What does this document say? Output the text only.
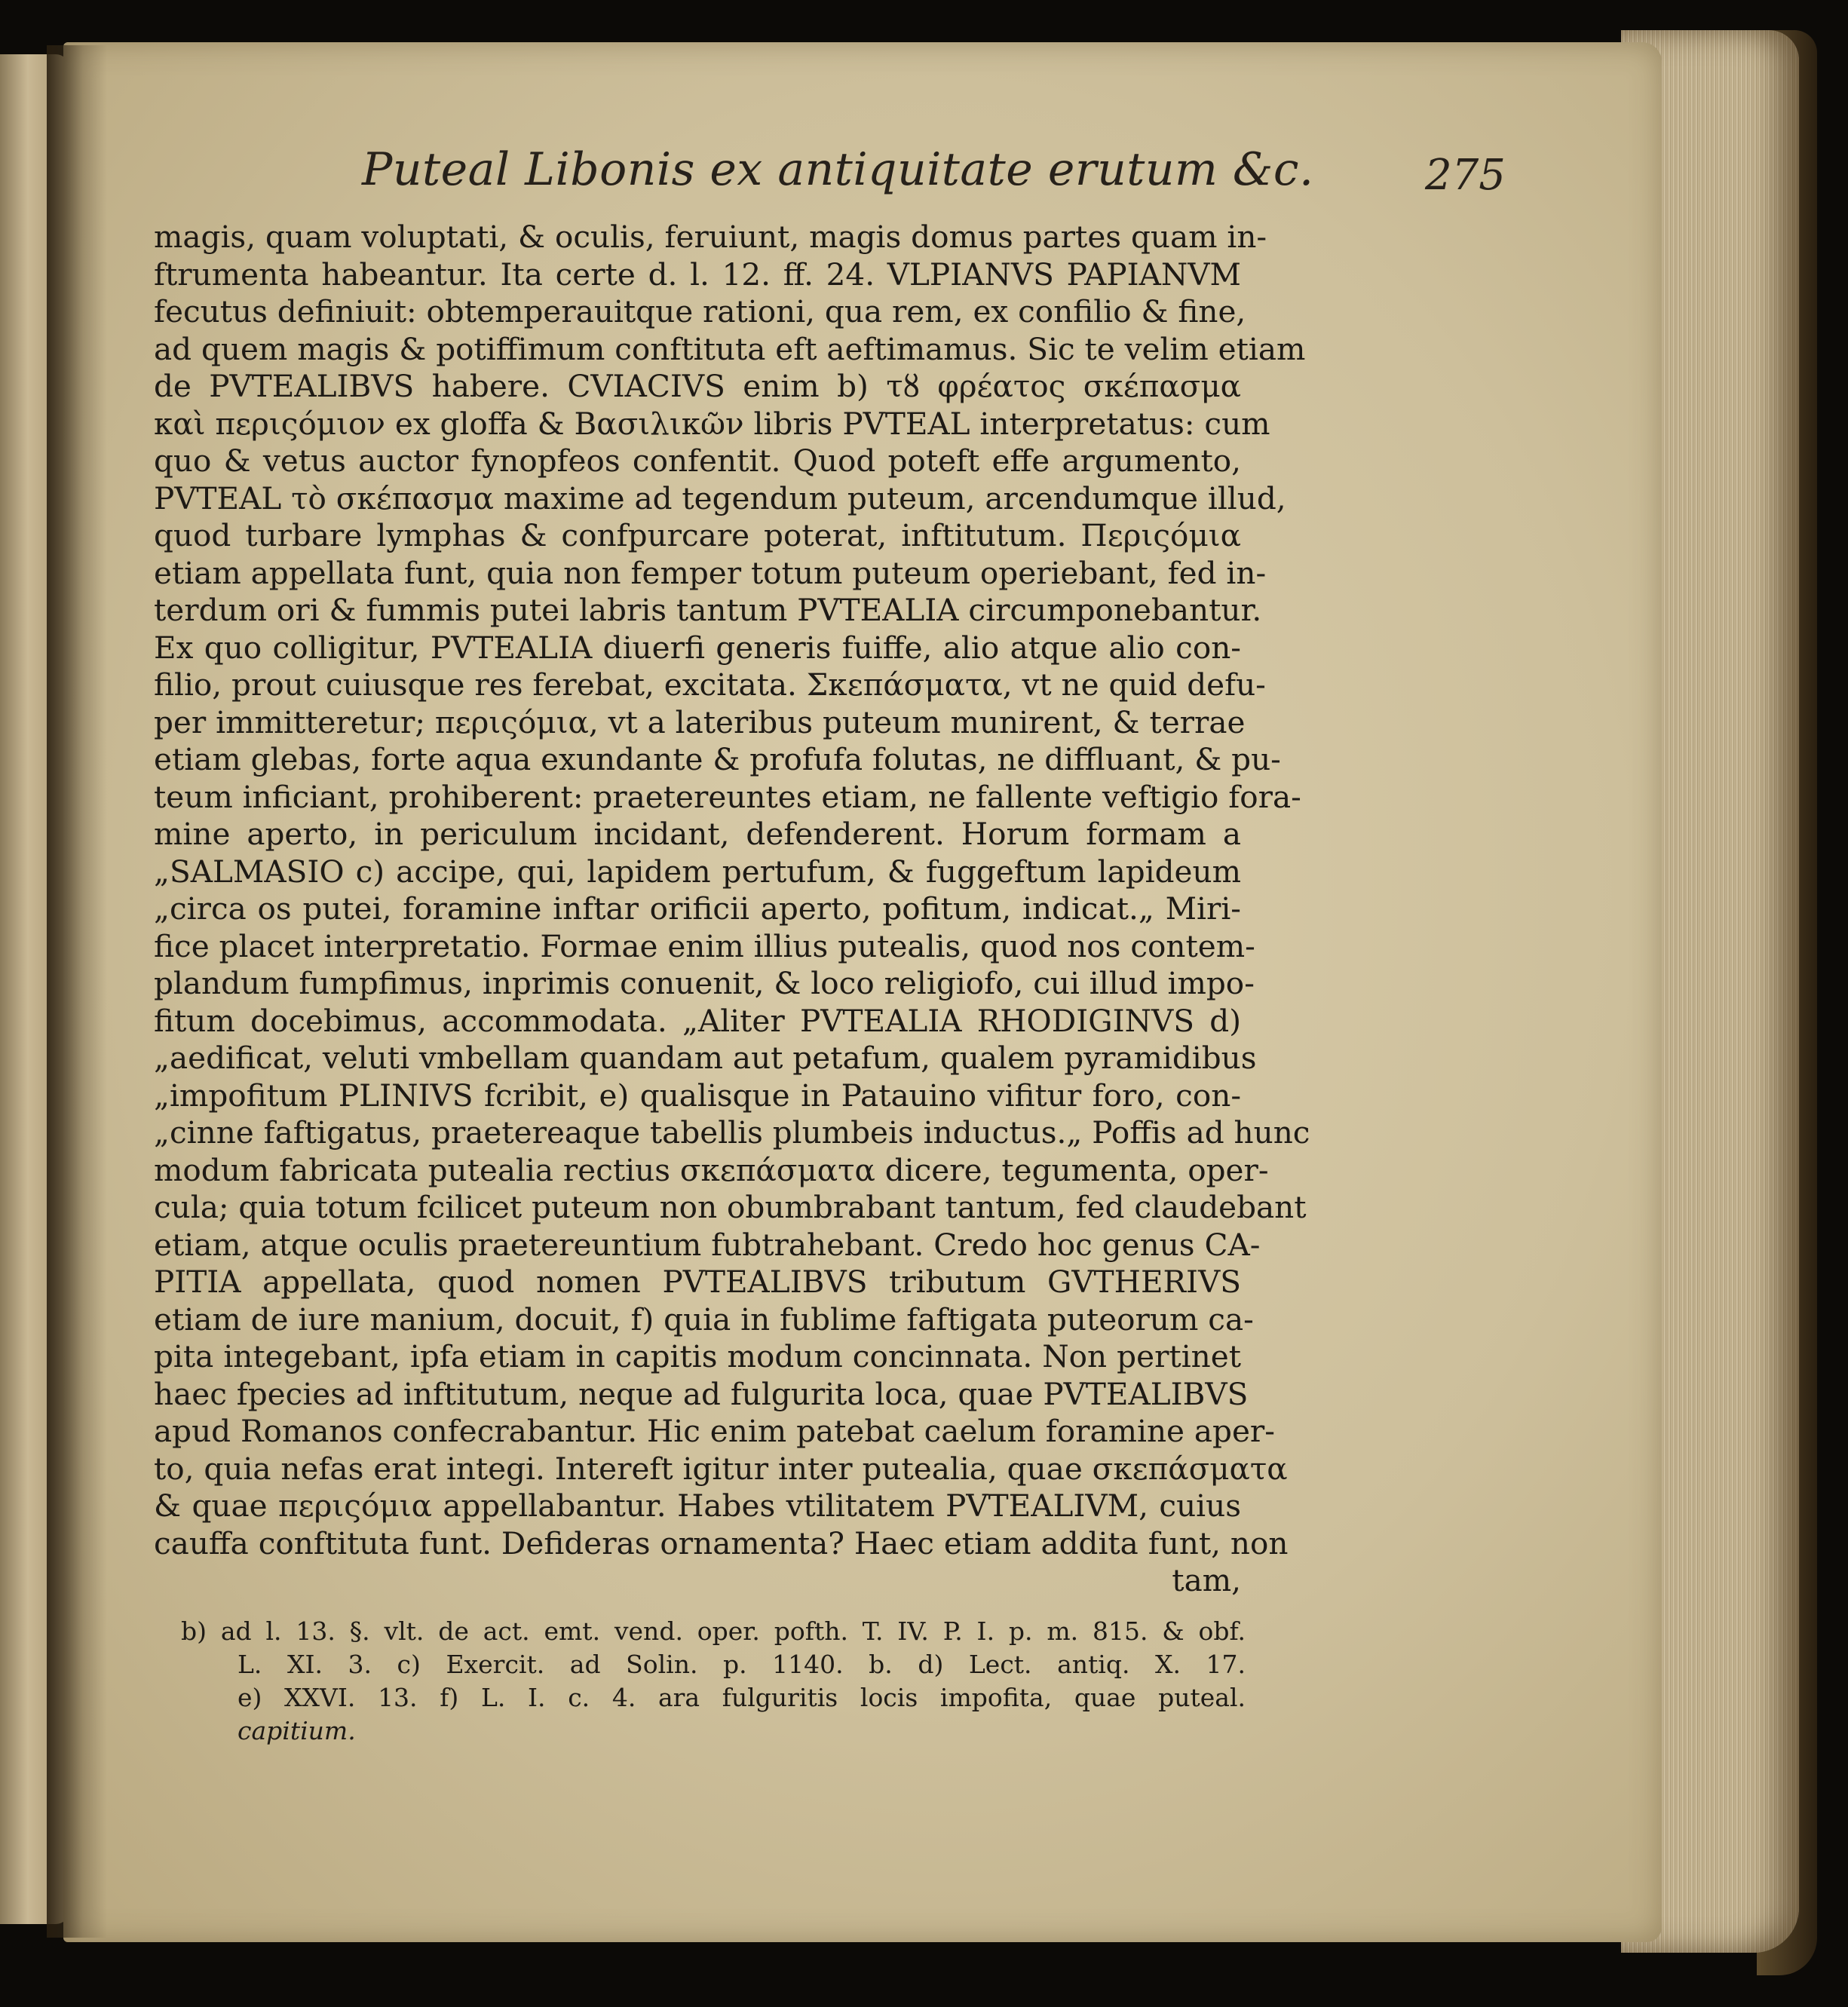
Puteal Libonis ex antiquitate erutum &c.	275
magis, quam voluptati, & oculis, feruiunt, magis domus partes quam in-
ftrumenta habeantur. Ita certe d. l. 12. ff. 24. VLPIANVS PAPIANVM
fecutus definiuit: obtemperauitque rationi, qua rem, ex confilio & fine,
ad quem magis & potiffimum conftituta eft aeftimamus. Sic te velim etiam
de PVTEALIBVS habere. CVIACIVS enim b) τȣ φρέατος σκέπασμα
καὶ περιςόμιον ex gloffa & Βασιλικῶν libris PVTEAL interpretatus: cum
quo & vetus auctor fynopfeos confentit. Quod poteft effe argumento,
PVTEAL τὸ σκέπασμα maxime ad tegendum puteum, arcendumque illud,
quod turbare lymphas & confpurcare poterat, inftitutum. Περιςόμια
etiam appellata funt, quia non femper totum puteum operiebant, fed in-
terdum ori & fummis putei labris tantum PVTEALIA circumponebantur.
Ex quo colligitur, PVTEALIA diuerfi generis fuiffe, alio atque alio con-
filio, prout cuiusque res ferebat, excitata. Σκεπάσματα, vt ne quid defu-
per immitteretur; περιςόμια, vt a lateribus puteum munirent, & terrae
etiam glebas, forte aqua exundante & profufa folutas, ne diffluant, & pu-
teum inficiant, prohiberent: praetereuntes etiam, ne fallente veftigio fora-
mine aperto, in periculum incidant, defenderent. Horum formam a
„SALMASIO c) accipe, qui, lapidem pertufum, & fuggeftum lapideum
„circa os putei, foramine inftar orificii aperto, pofitum, indicat.„ Miri-
fice placet interpretatio. Formae enim illius putealis, quod nos contem-
plandum fumpfimus, inprimis conuenit, & loco religiofo, cui illud impo-
fitum docebimus, accommodata. „Aliter PVTEALIA RHODIGINVS d)
„aedificat, veluti vmbellam quandam aut petafum, qualem pyramidibus
„impofitum PLINIVS fcribit, e) qualisque in Patauino vifitur foro, con-
„cinne faftigatus, praetereaque tabellis plumbeis inductus.„ Poffis ad hunc
modum fabricata putealia rectius σκεπάσματα dicere, tegumenta, oper-
cula; quia totum fcilicet puteum non obumbrabant tantum, fed claudebant
etiam, atque oculis praetereuntium fubtrahebant. Credo hoc genus CA-
PITIA appellata, quod nomen PVTEALIBVS tributum GVTHERIVS
etiam de iure manium, docuit, f) quia in fublime faftigata puteorum ca-
pita integebant, ipfa etiam in capitis modum concinnata. Non pertinet
haec fpecies ad inftitutum, neque ad fulgurita loca, quae PVTEALIBVS
apud Romanos confecrabantur. Hic enim patebat caelum foramine aper-
to, quia nefas erat integi. Intereft igitur inter putealia, quae σκεπάσματα
& quae περιςόμια appellabantur. Habes vtilitatem PVTEALIVM, cuius
cauffa conftituta funt. Defideras ornamenta? Haec etiam addita funt, non
tam,
b) ad l. 13. §. vlt. de act. emt. vend. oper. pofth. T. IV. P. I. p. m. 815. & obf.
L. XI. 3. c) Exercit. ad Solin. p. 1140. b. d) Lect. antiq. X. 17.
e) XXVI. 13. f) L. I. c. 4. ara fulguritis locis impofita, quae puteal.
capitium.
